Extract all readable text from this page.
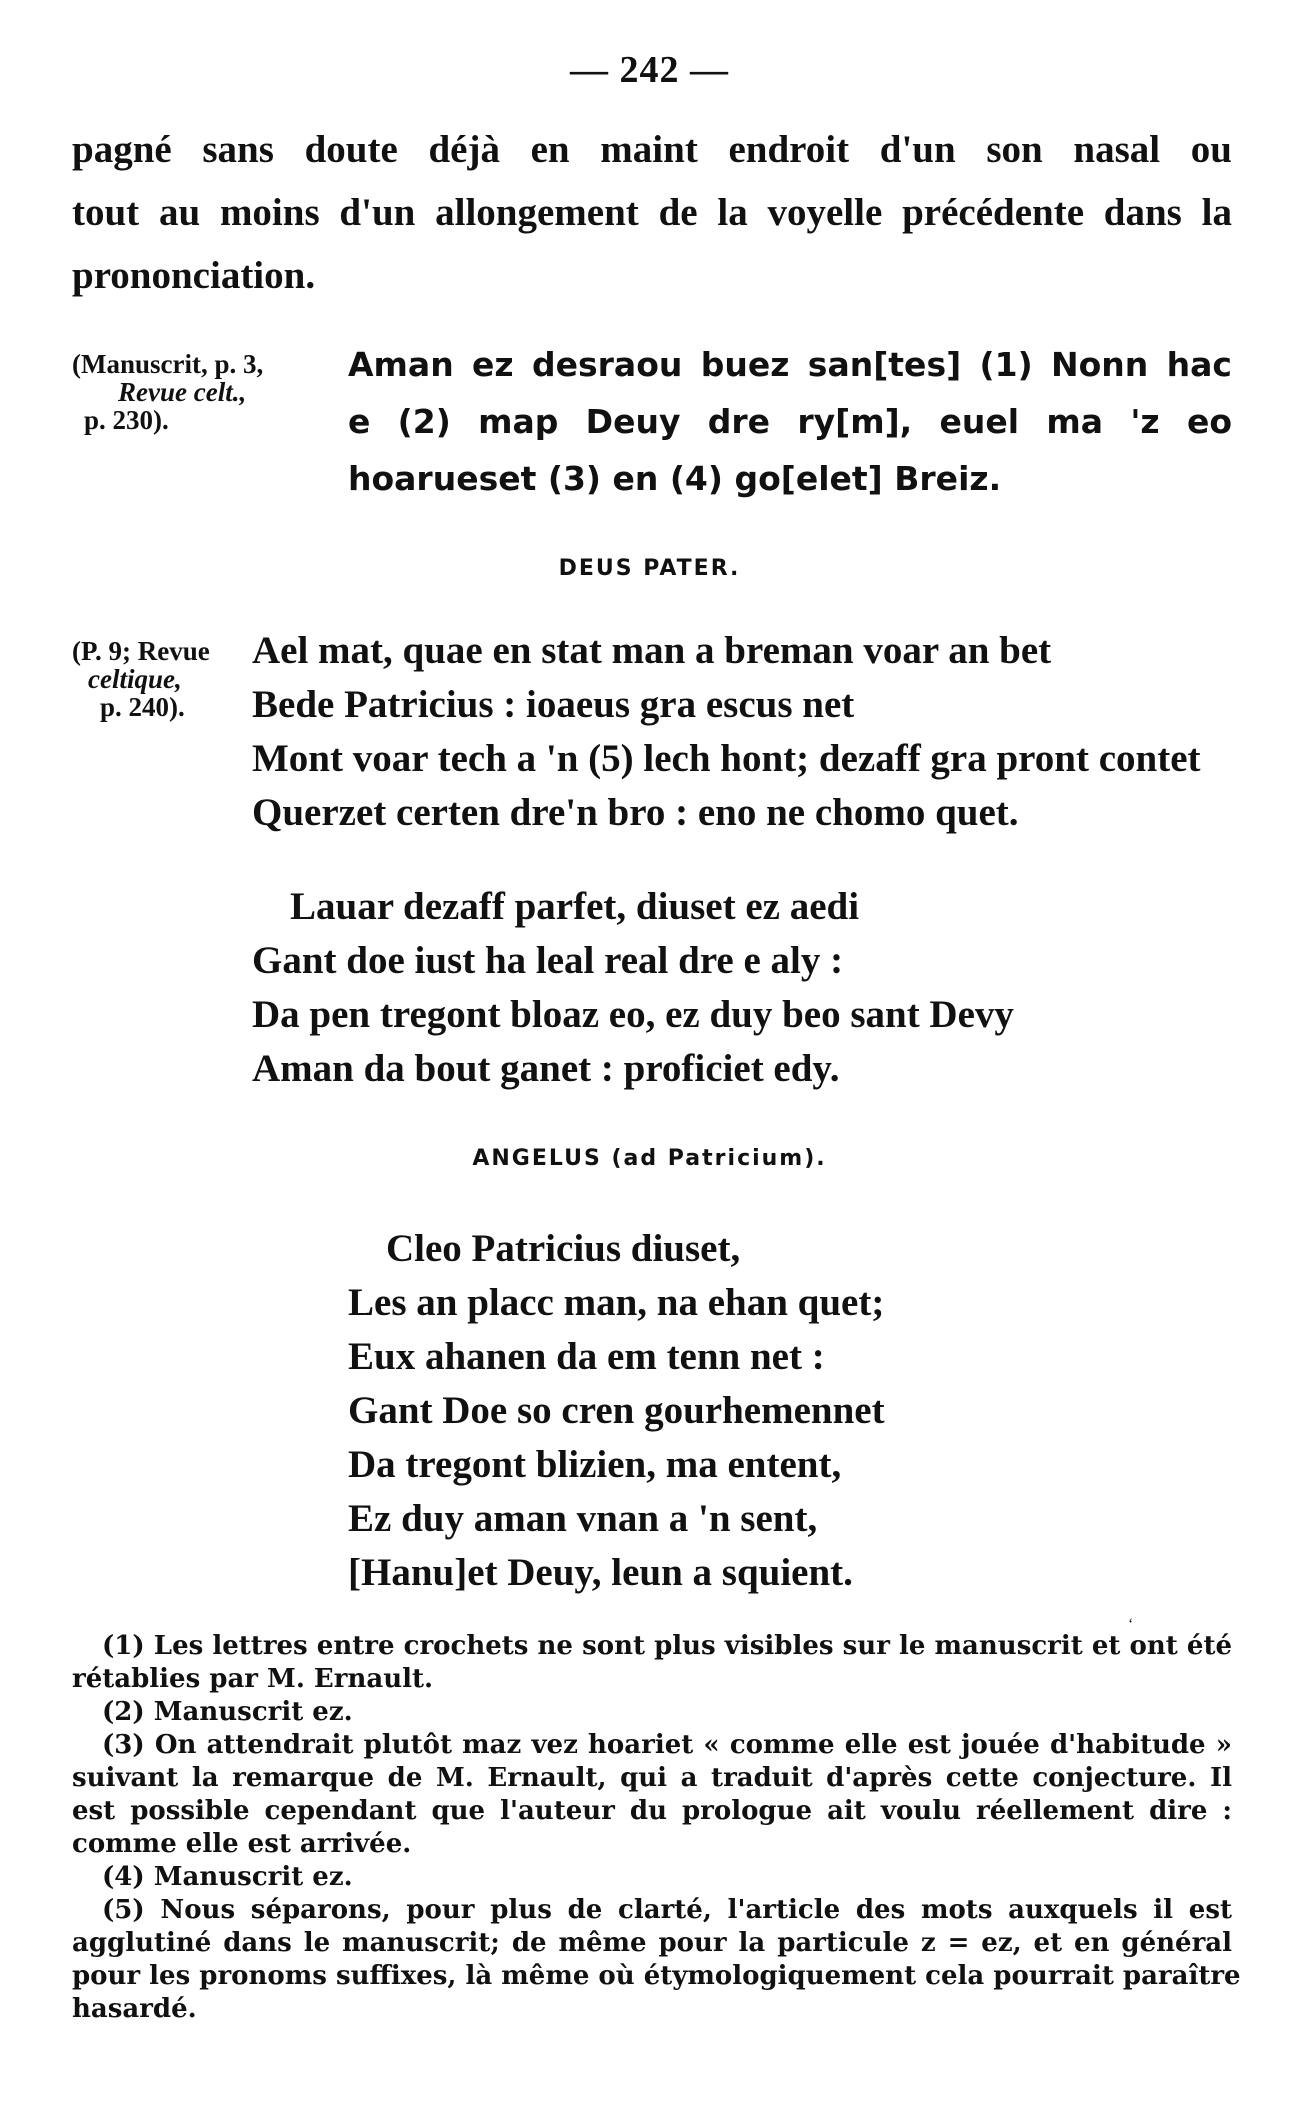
— 242 —
pagné sans doute déjà en maint endroit d'un son nasal ou
tout au moins d'un allongement de la voyelle précédente dans la
prononciation.
(Manuscrit, p. 3,
Revue celt.,
p. 230).
Aman ez desraou buez san[tes] (1) Nonn hac
e (2) map Deuy dre ry[m], euel ma 'z eo
hoarueset (3) en (4) go[elet] Breiz.
DEUS PATER.
(P. 9; Revue
celtique,
p. 240).
Ael mat, quae en stat man a breman voar an bet
Bede Patricius : ioaeus gra escus net
Mont voar tech a 'n (5) lech hont; dezaff gra pront contet
Querzet certen dre'n bro : eno ne chomo quet.
Lauar dezaff parfet, diuset ez aedi
Gant doe iust ha leal real dre e aly :
Da pen tregont bloaz eo, ez duy beo sant Devy
Aman da bout ganet : proficiet edy.
ANGELUS (ad Patricium).
Cleo Patricius diuset,
Les an placc man, na ehan quet;
Eux ahanen da em tenn net :
Gant Doe so cren gourhemennet
Da tregont blizien, ma entent,
Ez duy aman vnan a 'n sent,
[Hanu]et Deuy, leun a squient.
‘
(1) Les lettres entre crochets ne sont plus visibles sur le manuscrit et ont été
rétablies par M. Ernault.
(2) Manuscrit ez.
(3) On attendrait plutôt maz vez hoariet « comme elle est jouée d'habitude »
suivant la remarque de M. Ernault, qui a traduit d'après cette conjecture. Il
est possible cependant que l'auteur du prologue ait voulu réellement dire :
comme elle est arrivée.
(4) Manuscrit ez.
(5) Nous séparons, pour plus de clarté, l'article des mots auxquels il est
agglutiné dans le manuscrit; de même pour la particule z = ez, et en général
pour les pronoms suffixes, là même où étymologiquement cela pourrait paraître
hasardé.
